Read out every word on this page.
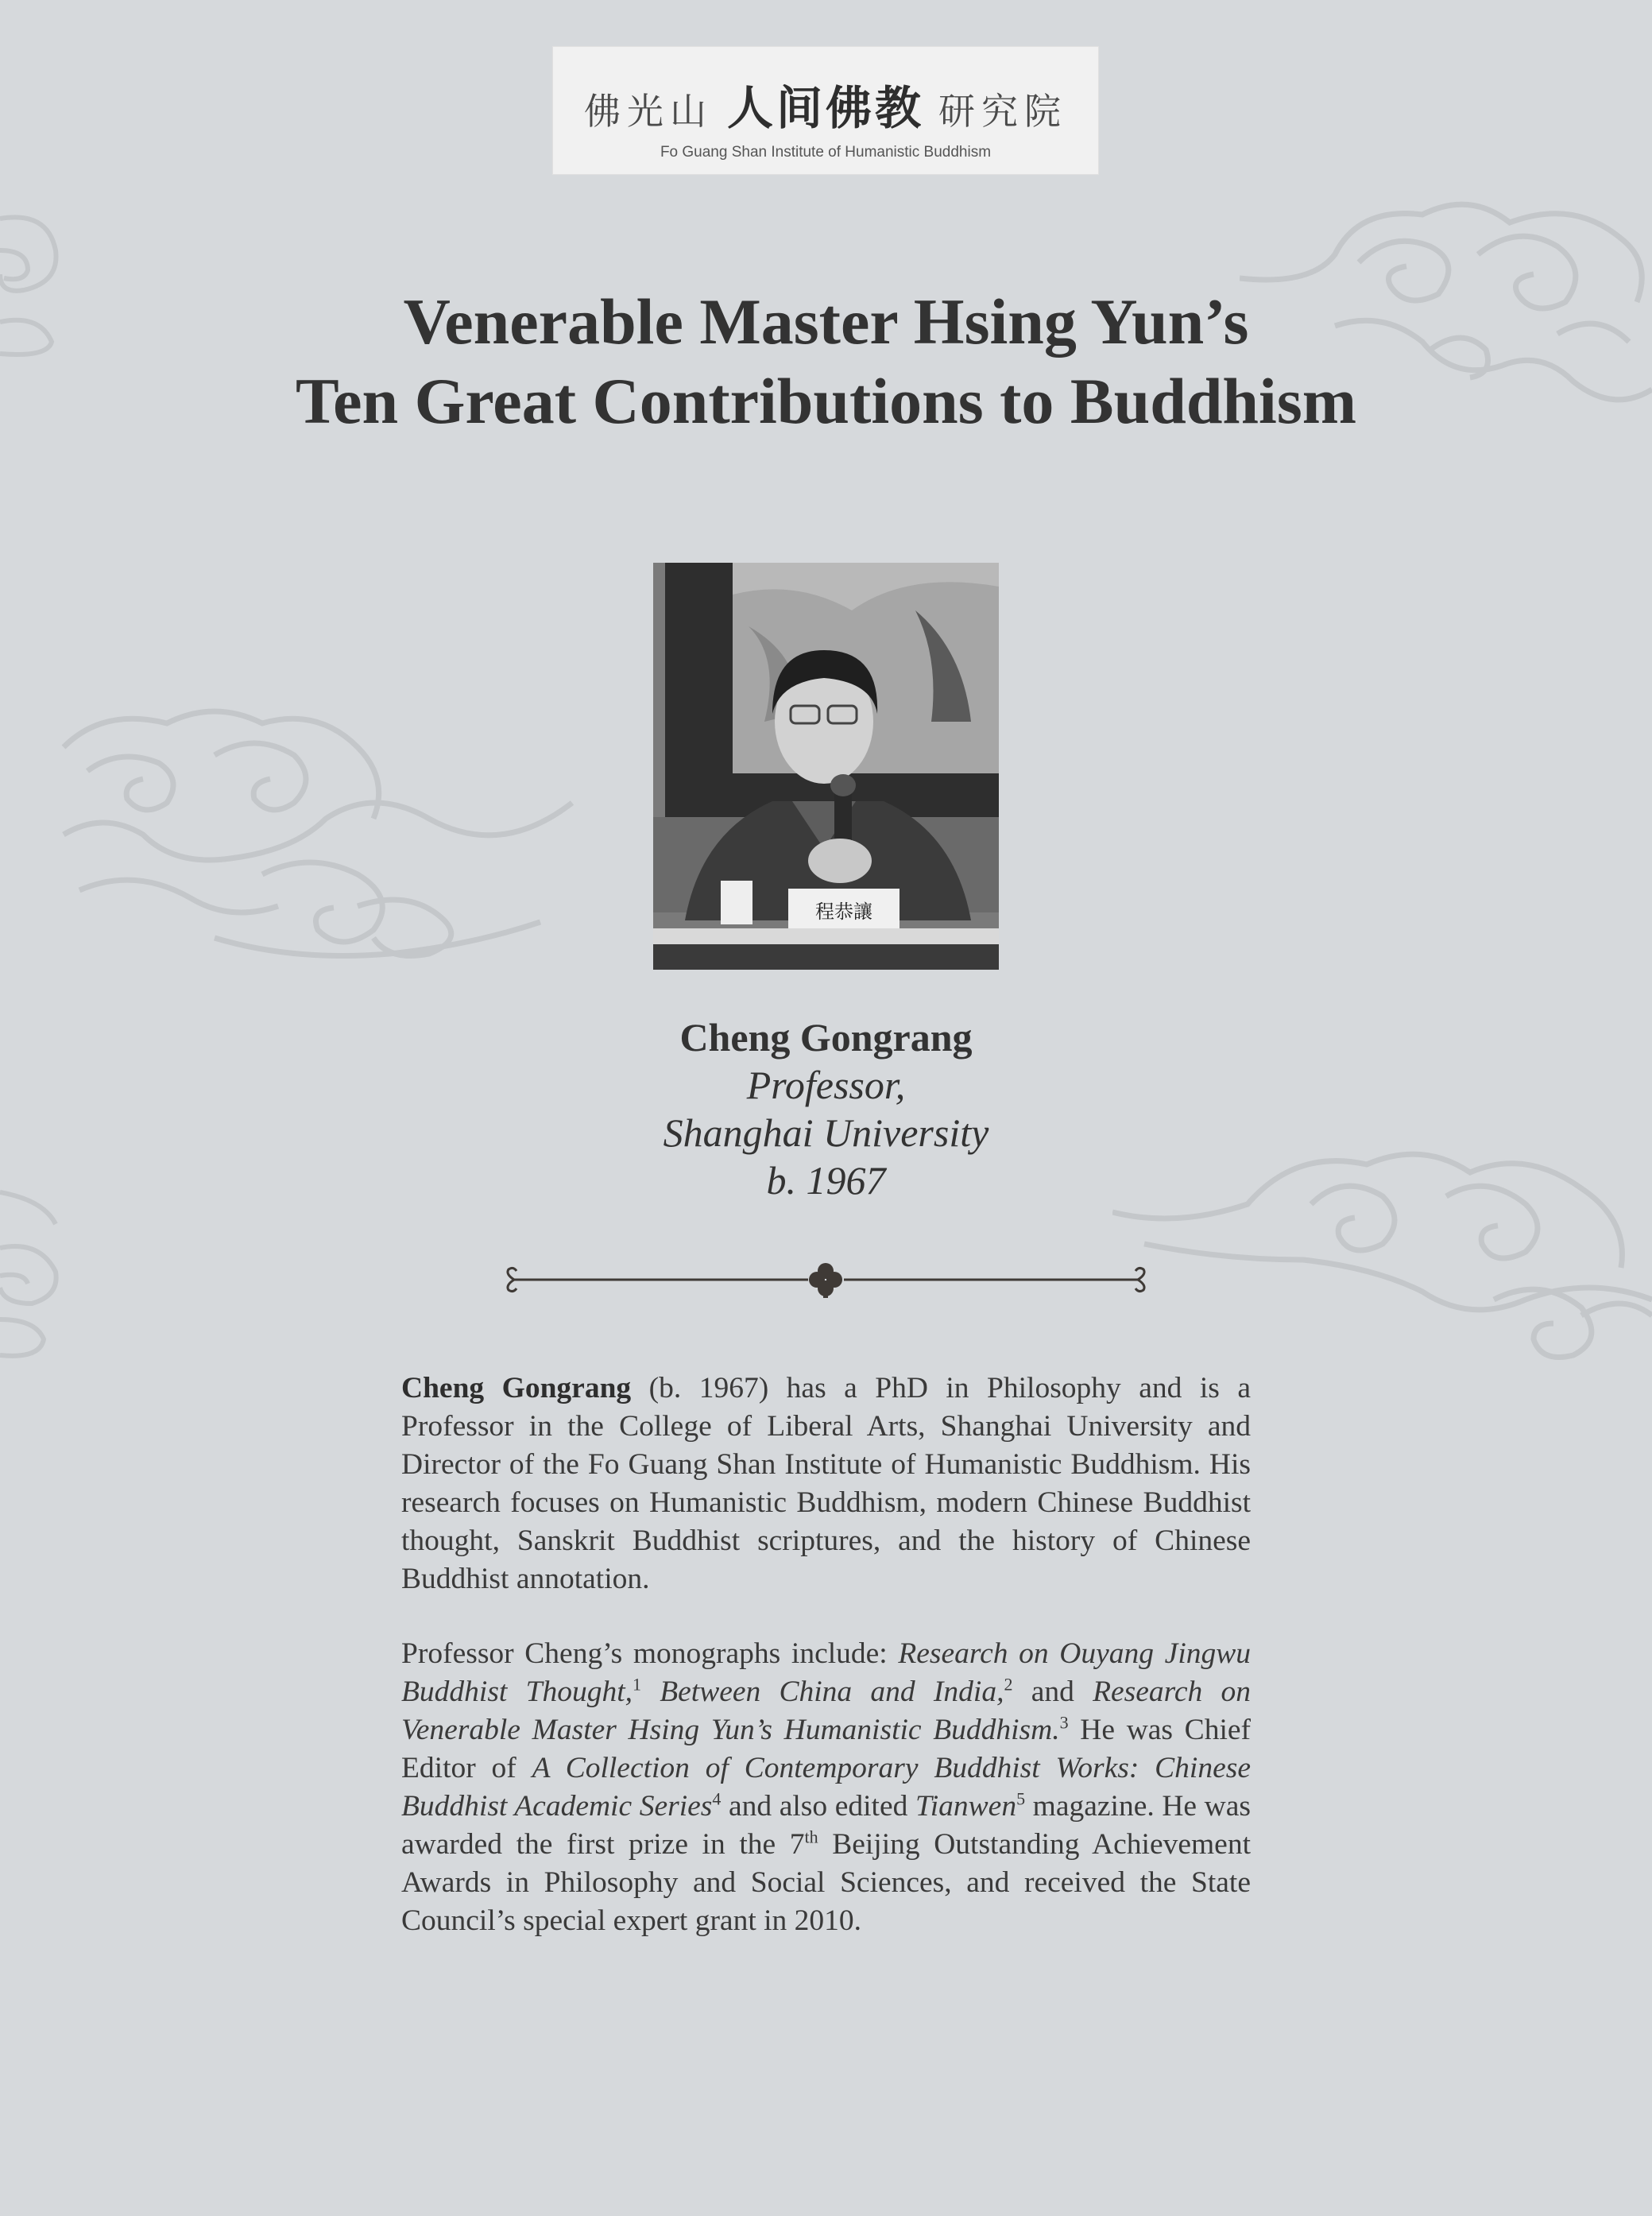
佛光山 人间佛教 研究院
Fo Guang Shan Institute of Humanistic Buddhism
Venerable Master Hsing Yun’s
Ten Great Contributions to Buddhism
程恭讓
Cheng Gongrang
Professor,
Shanghai University
b. 1967

Cheng Gongrang (b. 1967) has a PhD in Philosophy and is a Professor in the College of Liberal Arts, Shanghai University and Director of the Fo Guang Shan Institute of Humanistic Buddhism. His research focuses on Humanistic Buddhism, modern Chinese Buddhist thought, Sanskrit Buddhist scriptures, and the history of Chinese Buddhist annotation.

Professor Cheng’s monographs include: Research on Ouyang Jingwu Buddhist Thought,$^1$ Between China and India,$^2$ and Research on Venerable Master Hsing Yun’s Humanistic Buddhism.$^3$ He was Chief Editor of A Collection of Contemporary Buddhist Works: Chinese Buddhist Academic Series$^4$ and also edited Tianwen$^5$ magazine. He was awarded the first prize in the 7th Beijing Outstanding Achievement Awards in Philosophy and Social Sciences, and received the State Council’s special expert grant in 2010.
